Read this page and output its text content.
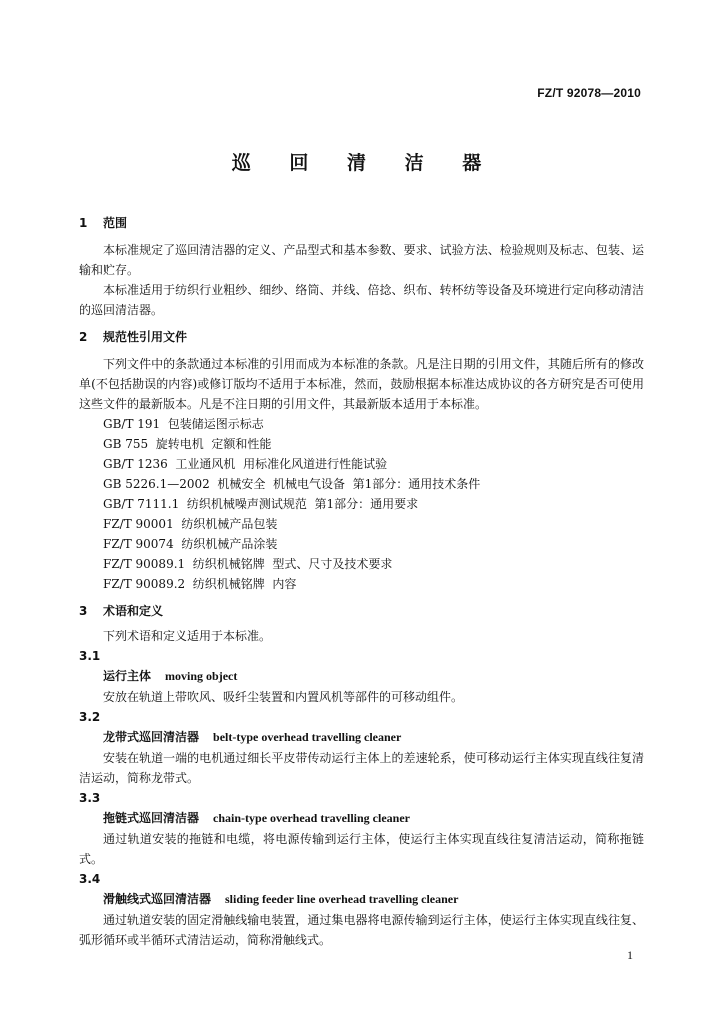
FZ/T 92078—2010
巡 回 清 洁 器
1 范围

本标准规定了巡回清洁器的定义、产品型式和基本参数、要求、试验方法、检验规则及标志、包装、运输和贮存。

本标准适用于纺织行业粗纱、细纱、络筒、并线、倍捻、织布、转杯纺等设备及环境进行定向移动清洁的巡回清洁器。

2 规范性引用文件

下列文件中的条款通过本标准的引用而成为本标准的条款。凡是注日期的引用文件，其随后所有的修改单(不包括勘误的内容)或修订版均不适用于本标准，然而，鼓励根据本标准达成协议的各方研究是否可使用这些文件的最新版本。凡是不注日期的引用文件，其最新版本适用于本标准。

GB/T 191  包装储运图示标志
GB 755  旋转电机  定额和性能
GB/T 1236  工业通风机  用标准化风道进行性能试验
GB 5226.1—2002  机械安全  机械电气设备  第1部分：通用技术条件
GB/T 7111.1  纺织机械噪声测试规范  第1部分：通用要求
FZ/T 90001  纺织机械产品包装
FZ/T 90074  纺织机械产品涂装
FZ/T 90089.1  纺织机械铭牌  型式、尺寸及技术要求
FZ/T 90089.2  纺织机械铭牌  内容
3 术语和定义

下列术语和定义适用于本标准。

3.1
运行主体 moving object

安放在轨道上带吹风、吸纤尘装置和内置风机等部件的可移动组件。

3.2
龙带式巡回清洁器 belt-type overhead travelling cleaner

安装在轨道一端的电机通过细长平皮带传动运行主体上的差速轮系，使可移动运行主体实现直线往复清洁运动，简称龙带式。

3.3
拖链式巡回清洁器 chain-type overhead travelling cleaner

通过轨道安装的拖链和电缆，将电源传输到运行主体，使运行主体实现直线往复清洁运动，简称拖链式。

3.4
滑触线式巡回清洁器 sliding feeder line overhead travelling cleaner

通过轨道安装的固定滑触线输电装置，通过集电器将电源传输到运行主体，使运行主体实现直线往复、弧形循环或半循环式清洁运动，简称滑触线式。

1
